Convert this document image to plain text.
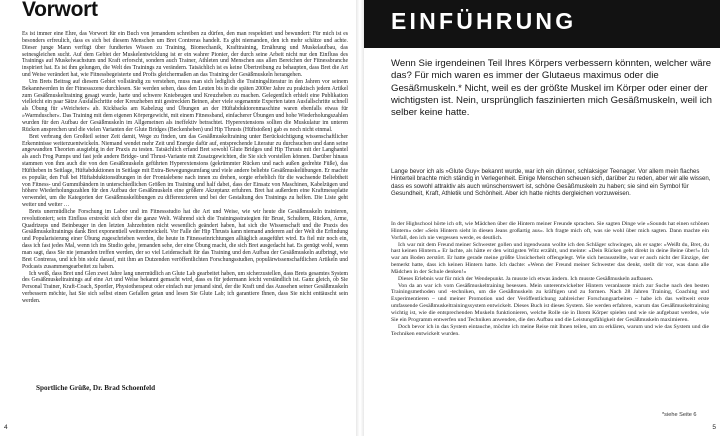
Vorwort

Es ist immer eine Ehre, das Vorwort für ein Buch von jemandem schreiben zu dürfen, den man respektiert und bewundert: Für mich ist es besonders erfreulich, dass es sich bei diesem Menschen um Bret Contreras handelt. Es gibt niemanden, den ich mehr schätze und achte. Dieser junge Mann verfügt über fundiertes Wissen zu Training, Biomechanik, Krafttraining, Ernährung und Muskelaufbau, das seinesgleichen sucht. Auf dem Gebiet der Muskelentwicklung ist er ein wahrer Pionier, der durch seine Arbeit nicht nur den Einfluss des Trainings auf Muskelwachstum und Kraft erforscht, sondern auch Trainer, Athleten und Menschen aus allen Bereichen der Fitnessbranche inspiriert hat. Es ist ihm gelungen, die Welt des Trainings zu verändern. Tatsächlich ist es keine Übertreibung zu behaupten, dass Bret die Art und Weise verändert hat, wie Fitnessbegeisterte und Profis gleichermaßen an das Training der Gesäßmuskeln herangehen.

Um Brets Beitrag auf diesem Gebiet vollständig zu verstehen, muss man sich lediglich die Trainingsliteratur in den Jahren vor seinem Bekanntwerden in der Fitnessszene durchlesen. Sie werden sehen, dass den Leuten bis in die späten 2000er Jahre zu praktisch jedem Artikel zum Gesäßmuskeltraining gesagt wurde, harte und schwere Kniebeugen und Kreuzheben zu machen. Gelegentlich erhielt eine Publikation vielleicht ein paar Sätze Ausfallschritte oder Kreuzheben mit gestreckten Beinen, aber viele sogenannte Experten taten Ausfallschritte schnell als Übung für »Weicheier« ab. Kickbacks am Kabelzug und Übungen an der Hüftabduktorenmaschine waren ebenfalls etwas für »Warmduscher«. Das Training mit dem eigenen Körpergewicht, mit einem Fitnessband, einfacherer Übungen und hohe Wiederholungszahlen wurden für den Aufbau der Gesäßmuskeln im Allgemeinen als ineffektiv betrachtet. Hyperextensions sollten die Muskulatur im unteren Rücken ansprechen und die vielen Varianten der Glute Bridges (Beckenheben) und Hip Thrusts (Hüftstoßen) gab es noch nicht einmal.

Bret verbrang den Großteil seiner Zeit damit, Wege zu finden, um das Gesäßmuskeltraining unter Berücksichtigung wissenschaftlicher Erkenntnisse weiterzuentwickeln. Niemand wendet mehr Zeit und Energie dafür auf, entsprechende Literatur zu durchsuchen und dann seine angewandten Theorien ausgiebig in der Praxis zu testen. Tatsächlich erfand Bret sowohl Glute Bridges und Hip Thrusts mit der Langhantel als auch Frog Pumps und fast jede andere Bridge- und Thrust-Variante mit Zusatzgewichten, die Sie sich vorstellen können. Darüber hinaus stammen von ihm auch die von den Gesäßmuskeln geführten Hyperextensions (gekrümmter Rücken und nach außen gedrehte Füße), das Hüftheben in Seitlage, Hüftabduktionen in Seitlage mit Extra-Bewegungsumfang und viele andere beliebte Gesäßmuskelübungen. Er machte es populär, den Fuß bei Hüftabduktionsübungen in der Frontalebene nach innen zu drehen, sorgte erheblich für die wachsende Beliebtheit von Fitness- und Gummibändern in unterschiedlichen Größen im Training und half dabei, dass der Einsatz von Maschinen, Kabelzügen und höhere Wiederholungszahlen für den Aufbau der Gesäßmuskeln eine größere Akzeptanz erfuhren. Bret hat außerdem eine Kraftmessplatte verwendet, um die Kategorien der Gesäßmuskelübungen zu differenzieren und bei der Gestaltung des Trainings zu helfen. Die Liste geht weiter und weiter …

Brets unermüdliche Forschung im Labor und im Fitnessstudio hat die Art und Weise, wie wir heute die Gesäßmuskeln trainieren, revolutioniert; sein Einfluss erstreckt sich über die ganze Welt. Während sich die Trainingsstrategien für Brust, Schultern, Rücken, Arme, Quadrizeps und Beinbeuger in den letzten Jahrzehnten nicht wesentlich geändert haben, hat sich die Wissenschaft und die Praxis des Gesäßmuskeltrainings dank Bret exponentiell weiterentwickelt. Vor Falle der Hip Thrusts kann niemand anderem auf der Welt die Erfindung und Popularisierung einer Übung zugeschrieben werden, die heute in Fitnesseinrichtungen alltäglich ausgeführt wird. Es fiel mir noch ein, dass ich fast jedes Mal, wenn ich ins Studio gehe, jemanden sehe, der eine Übung macht, die sich Bret ausgedacht hat. Es genügt wohl, wenn man sagt, dass Sie nie jemanden treffen werden, der so viel Leidenschaft für das Training und den Aufbau der Gesäßmuskeln aufbringt, wie Bret Contreras, und ich bin stolz darauf, mit ihm an Dutzenden veröffentlichten Forschungsstudien, populärwissenschaftlichen Artikeln und Podcasts zusammengearbeitet zu haben.

Ich weiß, dass Bret und Glen zwei Jahre lang unermüdlich an Glute Lab gearbeitet haben, um sicherzustellen, dass Brets gesamtes System des Gesäßmuskeltrainings auf eine Art und Weise bekannt gemacht wird, dass es für jedermann leicht verständlich ist. Ganz gleich, ob Sie Personal Trainer, Kraft-Coach, Sportler, Physiotherapeut oder einfach nur jemand sind, der die Kraft und das Aussehen seiner Gesäßmuskeln verbessern möchte, hat Sie sich selbst einen Gefallen getan und lesen Sie Glute Lab; ich garantiere Ihnen, dass Sie nicht enttäuscht sein werden.

Sportliche Grüße, Dr. Brad Schoenfeld
4
EINFÜHRUNG
Wenn Sie irgendeinen Teil Ihres Körpers verbessern könnten, welcher wäre das? Für mich waren es immer der Glutaeus maximus oder die Gesäßmuskeln.* Nicht, weil es der größte Muskel im Körper oder einer der wichtigsten ist. Nein, ursprünglich faszinierten mich Gesäßmuskeln, weil ich selber keine hatte.
Lange bevor ich als »Glute Guy« bekannt wurde, war ich ein dünner, schlaksiger Teenager. Vor allem mein flaches Hinterteil brachte mich ständig in Verlegenheit. Einige Menschen scheuen sich, darüber zu reden, aber wir alle wissen, dass es sowohl attraktiv als auch wünschenswert ist, schöne Gesäßmuskeln zu haben; sie sind ein Symbol für Gesundheit, Kraft, Athletik und Schönheit. Aber ich hatte nichts dergleichen vorzuweisen.

In der Highschool hörte ich oft, wie Mädchen über die Hintern meiner Freunde sprachen. Sie sagten Dinge wie »Sounds hat einen schönen Hintern« oder »Sein Hintern sieht in diesen Jeans großartig aus«. Ich fragte mich oft, was sie wohl über mich sagten. Dann machte ein Vorfall, den ich nie vergessen werde, es deutlich.

Ich war mit dem Freund meiner Schwester gollen und irgendwann wollte ich den Schläger schwingen, als er sagte: »Weißt du, Bret, du hast keinen Hintern.« Er lachte, als hätte er den witzigsten Witz erzählt, und meinte: »Dein Rücken geht direkt in deine Beine über!« Ich war am Boden zerstört. Er hatte gerade meine größte Unsicherheit offengelegt. Wie sich herausstellte, war er auch nicht der Einzige, der bemerkt hatte, dass ich keinen Hintern hatte. Ich dachte: »Wenn der Freund meiner Schwester das denkt, stellt dir vor, was dann alle Mädchen in der Schule denken!«

Dieses Erlebnis war für mich der Wendepunkt. Ja musste ich etwas ändern. Ich musste Gesäßmuskeln aufbauen.

Von da an war ich vom Gesäßmuskeltraining besessen. Mein unterentwickelter Hintern veranlasste mich zur Suche nach den besten Trainingsmethoden und -techniken, um die Gesäßmuskeln zu kräftigen und zu formen. Nach 28 Jahren Training, Coaching und Experimentieren – und meiner Promotion und der Veröffentlichung zahlreicher Forschungsarbeiten – habe ich das weltweit erste umfassende Gesäßmuskeltrainingssystem entwickelt. Dieses Buch ist dieses System. Sie werden erfahren, warum das Gesäßmuskeltraining wichtig ist, wie die entsprechenden Muskeln funktionieren, welche Rolle sie in Ihrem Körper spielen und wie sie aufgebaut werden, wie Sie ein Programm entwerfen und Techniken anwenden, die den Aufbau und die Leistungsfähigkeit der Gesäßmuskeln maximieren.

Doch bevor ich in das System eintauche, möchte ich meine Reise mit Ihnen teilen, um zu erklären, warum und wie das System und die Techniken entwickelt wurden.

*siehe Seite 6
5
